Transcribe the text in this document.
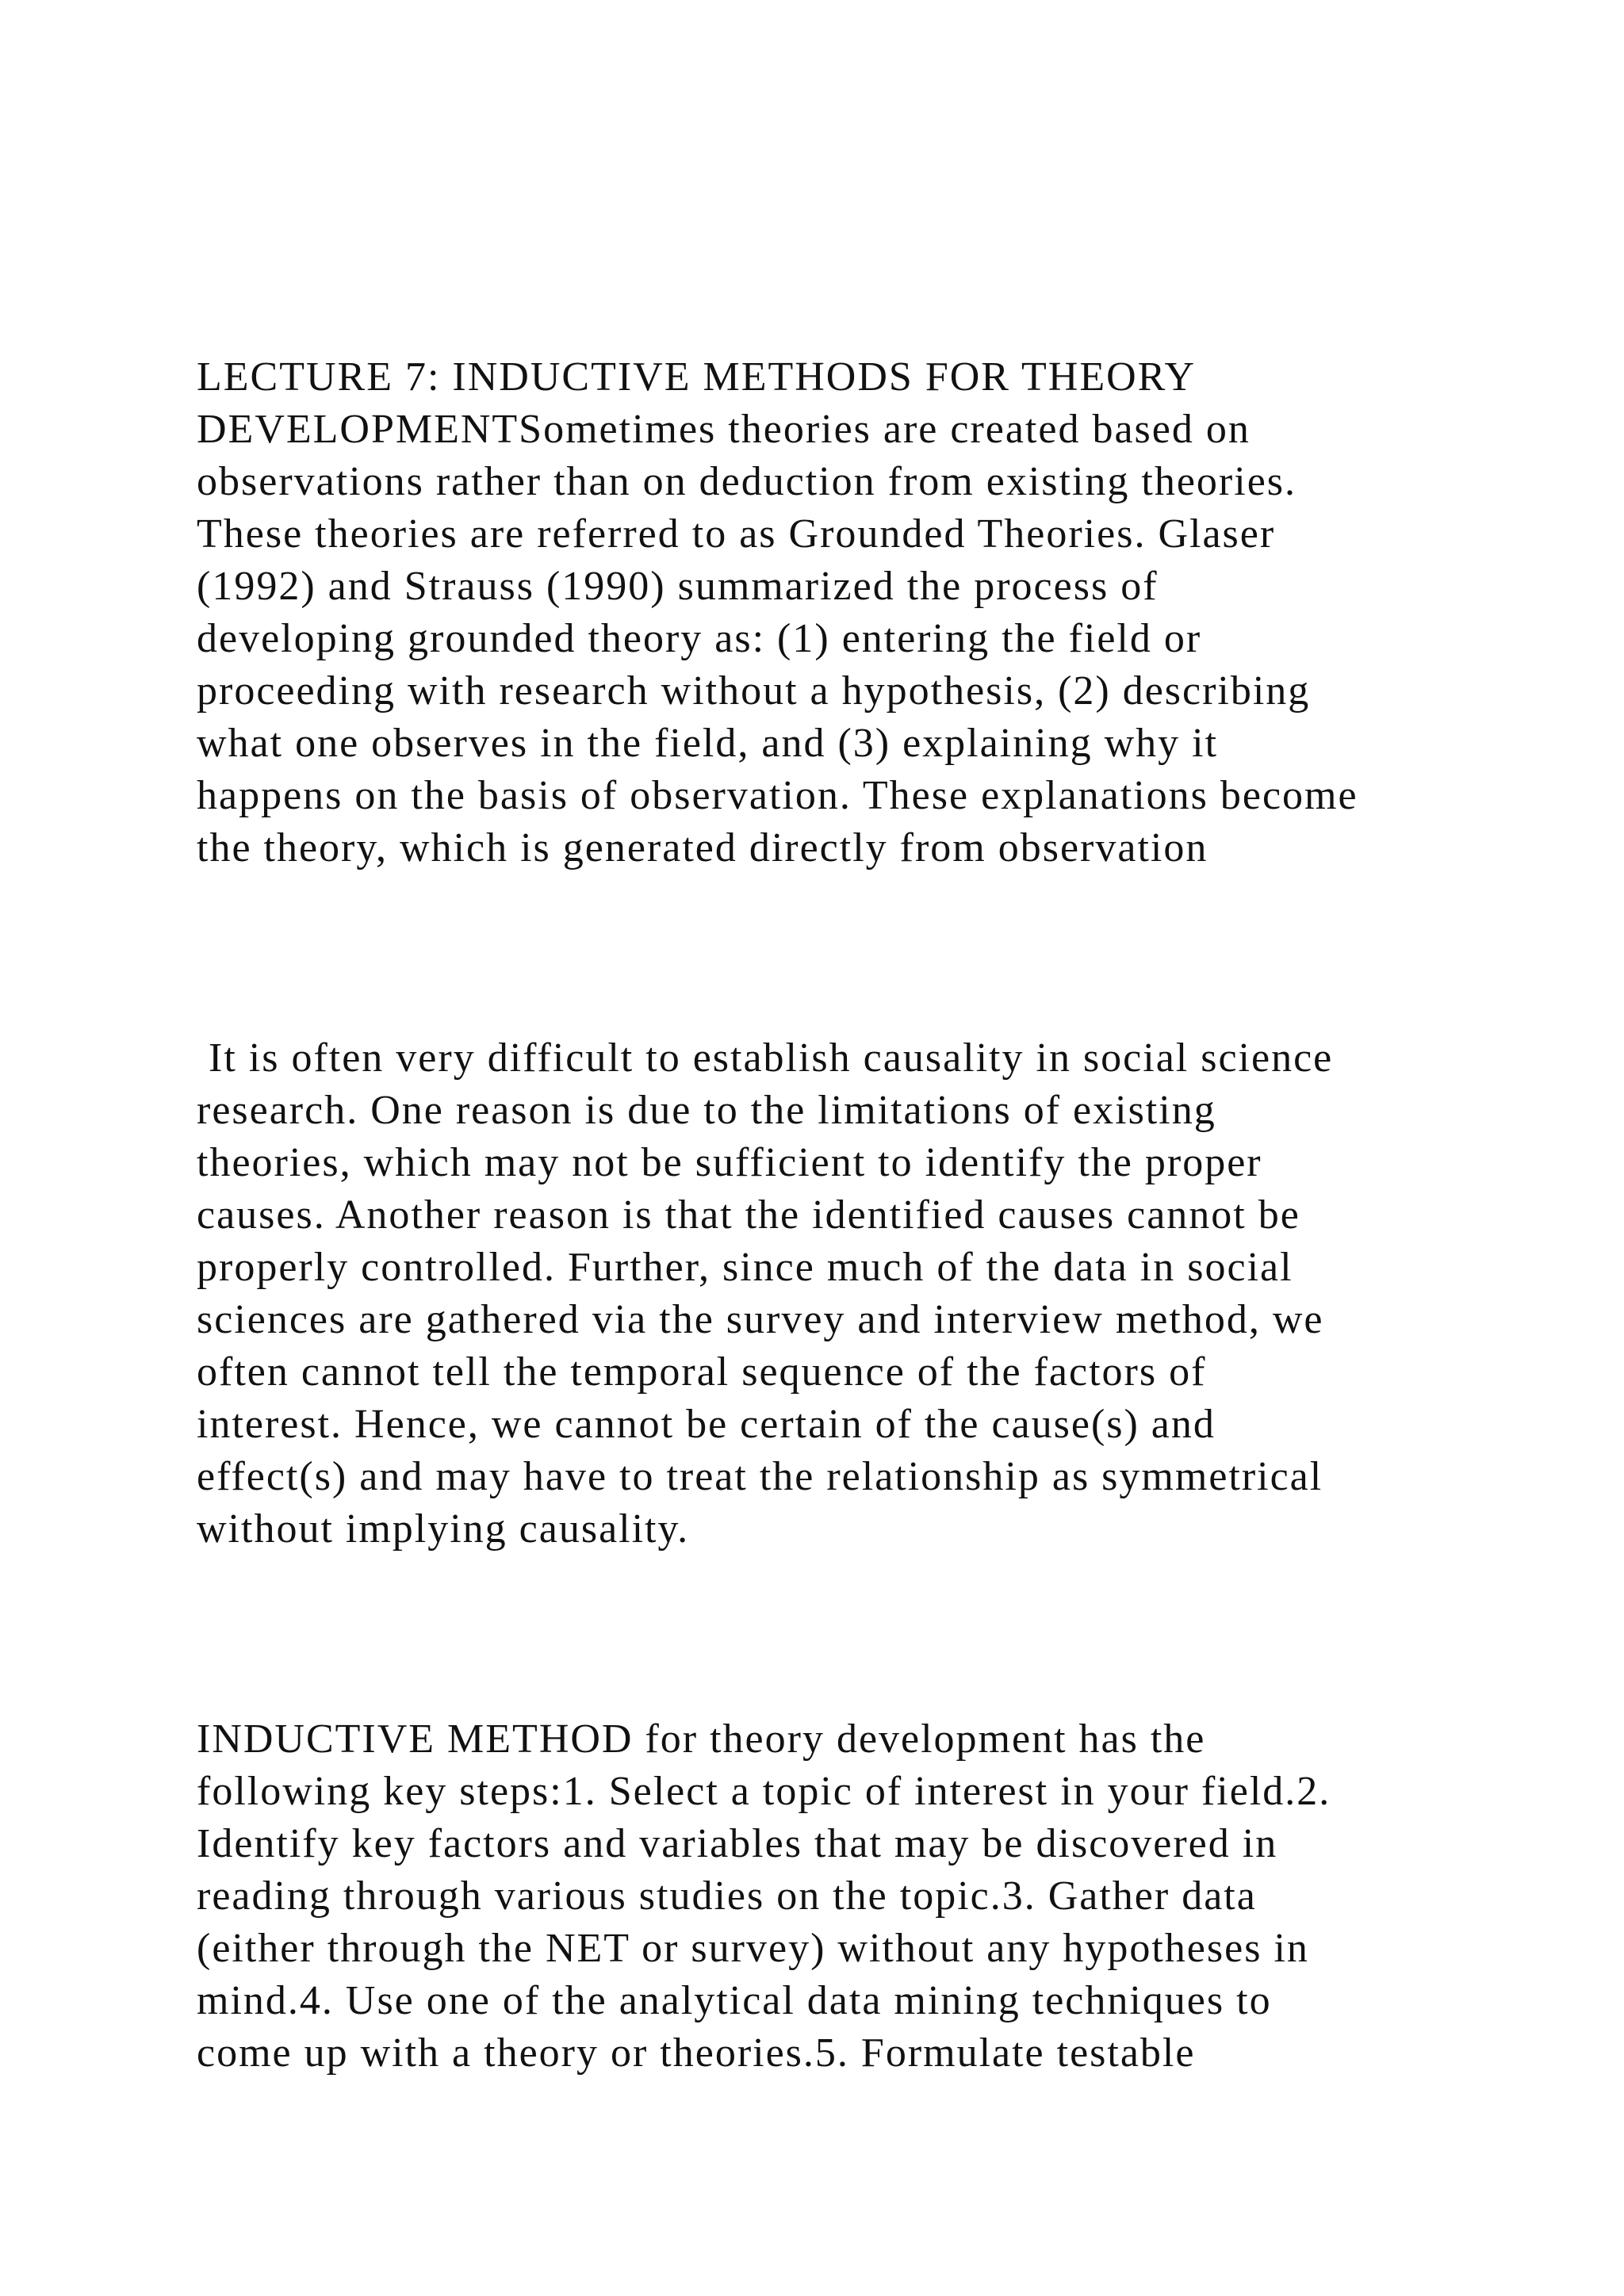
LECTURE 7: INDUCTIVE METHODS FOR THEORY
DEVELOPMENTSometimes theories are created based on
observations rather than on deduction from existing theories.
These theories are referred to as Grounded Theories. Glaser
(1992) and Strauss (1990) summarized the process of
developing grounded theory as: (1) entering the field or
proceeding with research without a hypothesis, (2) describing
what one observes in the field, and (3) explaining why it
happens on the basis of observation. These explanations become
the theory, which is generated directly from observation
It is often very difficult to establish causality in social science
research. One reason is due to the limitations of existing
theories, which may not be sufficient to identify the proper
causes. Another reason is that the identified causes cannot be
properly controlled. Further, since much of the data in social
sciences are gathered via the survey and interview method, we
often cannot tell the temporal sequence of the factors of
interest. Hence, we cannot be certain of the cause(s) and
effect(s) and may have to treat the relationship as symmetrical
without implying causality.
INDUCTIVE METHOD for theory development has the
following key steps:1. Select a topic of interest in your field.2.
Identify key factors and variables that may be discovered in
reading through various studies on the topic.3. Gather data
(either through the NET or survey) without any hypotheses in
mind.4. Use one of the analytical data mining techniques to
come up with a theory or theories.5. Formulate testable
